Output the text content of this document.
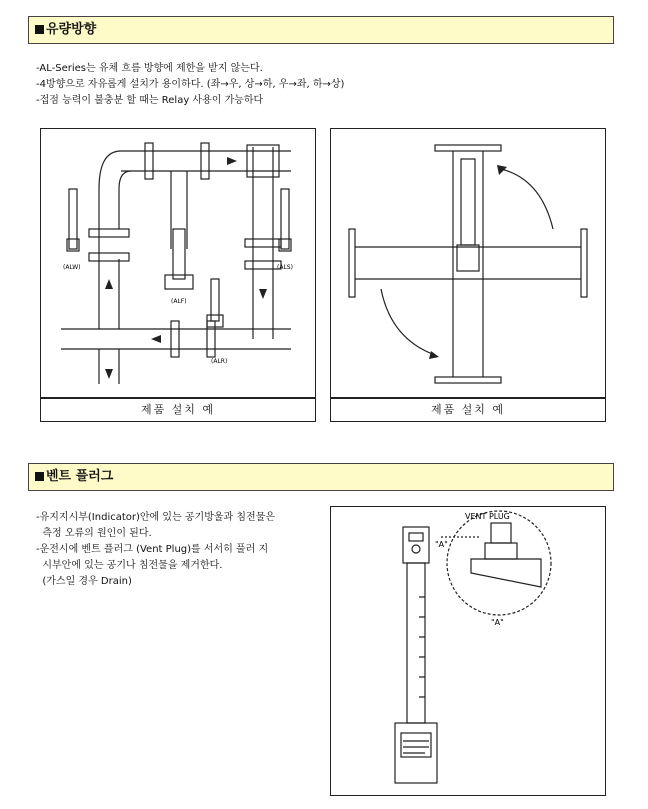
유량방향

-AL-Series는 유체 흐름 방향에 제한을 받지 않는다.

-4방향으로 자유롭게 설치가 용이하다. (좌→우, 상→하, 우→좌, 하→상)

-접점 능력이 불충분 할 때는 Relay 사용이 가능하다

(ALW)	(ALS)
(ALF)
(ALR)
제품 설치 예	제품 설치 예
벤트 플러그

-유지지시부(Indicator)안에 있는 공기방울과 침전물은

측정 오류의 원인이 된다.

-운전시에 벤트 플러그 (Vent Plug)를 서서히 풀러 지

시부안에 있는 공기나 침전물을 제거한다.

(가스일 경우 Drain)

VENT PLUG
"A"
"A"
